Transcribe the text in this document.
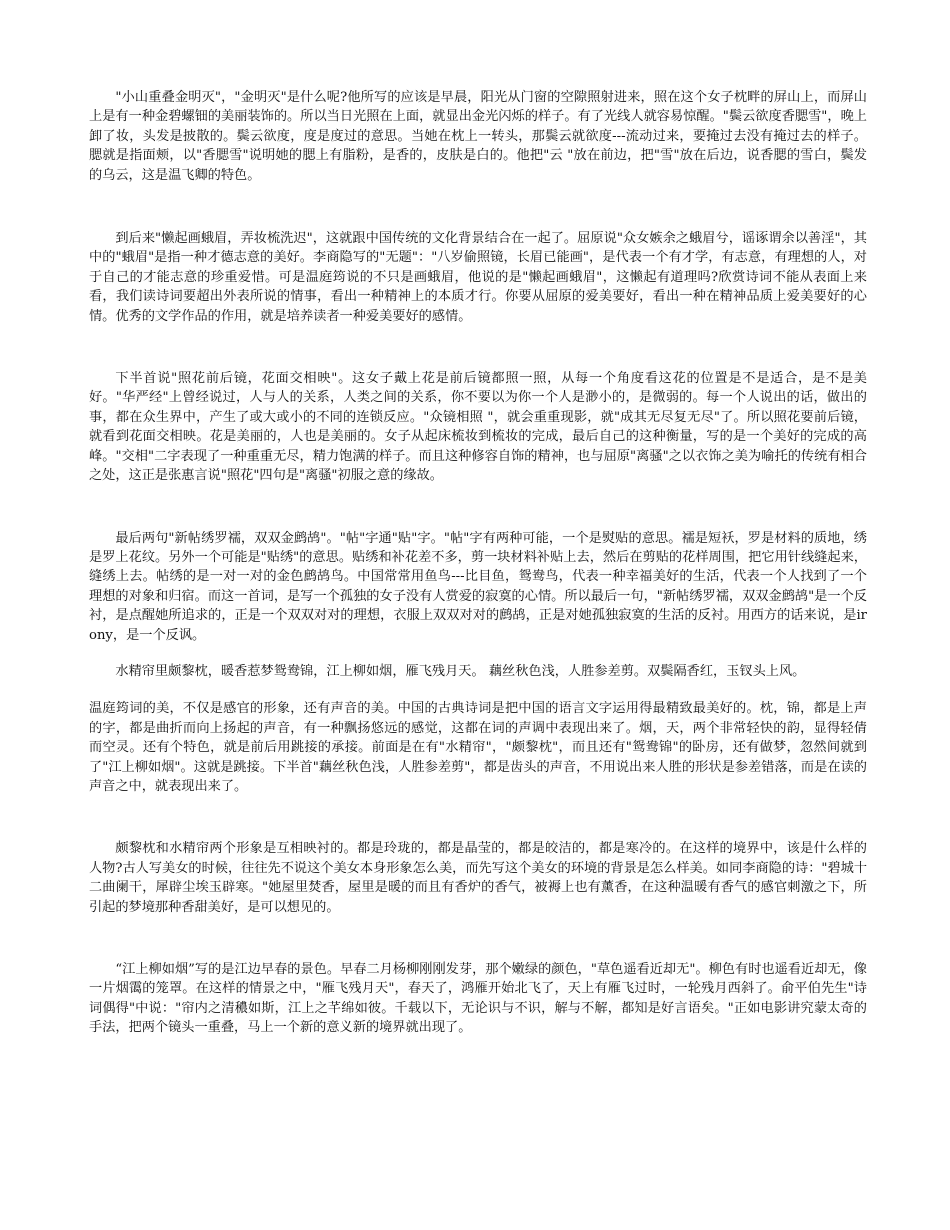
"小山重叠金明灭"，"金明灭"是什么呢?他所写的应该是早晨，阳光从门窗的空隙照射进来，照在这个女子枕畔的屏山上，而屏山上是有一种金碧螺钿的美丽装饰的。所以当日光照在上面，就显出金光闪烁的样子。有了光线人就容易惊醒。"鬓云欲度香腮雪"，晚上卸了妆，头发是披散的。鬓云欲度，度是度过的意思。当她在枕上一转头，那鬓云就欲度---流动过来，要掩过去没有掩过去的样子。腮就是指面颊，以"香腮雪"说明她的腮上有脂粉，是香的，皮肤是白的。他把"云 "放在前边，把"雪"放在后边，说香腮的雪白，鬓发的乌云，这是温飞卿的特色。

到后来"懒起画蛾眉，弄妆梳洗迟"，这就跟中国传统的文化背景结合在一起了。屈原说"众女嫉余之蛾眉兮，谣诼谓余以善淫"，其中的"蛾眉"是指一种才德志意的美好。李商隐写的"无题"："八岁偷照镜，长眉已能画"，是代表一个有才学，有志意，有理想的人，对于自己的才能志意的珍重爱惜。可是温庭筠说的不只是画蛾眉，他说的是"懒起画蛾眉"，这懒起有道理吗?欣赏诗词不能从表面上来看，我们读诗词要超出外表所说的情事，看出一种精神上的本质才行。你要从屈原的爱美要好，看出一种在精神品质上爱美要好的心情。优秀的文学作品的作用，就是培养读者一种爱美要好的感情。

下半首说"照花前后镜，花面交相映"。这女子戴上花是前后镜都照一照，从每一个角度看这花的位置是不是适合，是不是美好。"华严经"上曾经说过，人与人的关系，人类之间的关系，你不要以为你一个人是渺小的，是微弱的。每一个人说出的话，做出的事，都在众生界中，产生了或大或小的不同的连锁反应。"众镜相照 "，就会重重现影，就"成其无尽复无尽"了。所以照花要前后镜，就看到花面交相映。花是美丽的，人也是美丽的。女子从起床梳妆到梳妆的完成，最后自己的这种衡量，写的是一个美好的完成的高峰。"交相"二字表现了一种重重无尽，精力饱满的样子。而且这种修容自饰的精神，也与屈原"离骚"之以衣饰之美为喻托的传统有相合之处，这正是张惠言说"照花"四句是"离骚"初服之意的缘故。

最后两句"新帖绣罗襦，双双金鹧鸪"。"帖"字通"贴"字。"帖"字有两种可能，一个是熨贴的意思。襦是短袄，罗是材料的质地，绣是罗上花纹。另外一个可能是"贴绣"的意思。贴绣和补花差不多，剪一块材料补贴上去，然后在剪贴的花样周围，把它用针线缝起来，缝绣上去。帖绣的是一对一对的金色鹧鸪鸟。中国常常用鱼鸟---比目鱼，鸳鸯鸟，代表一种幸福美好的生活，代表一个人找到了一个理想的对象和归宿。而这一首词，是写一个孤独的女子没有人赏爱的寂寞的心情。所以最后一句，"新帖绣罗襦，双双金鹧鸪"是一个反衬，是点醒她所追求的，正是一个双双对对的理想，衣服上双双对对的鹧鸪，正是对她孤独寂寞的生活的反衬。用西方的话来说，是irony，是一个反讽。

水精帘里颇黎枕，暖香惹梦鸳鸯锦，江上柳如烟，雁飞残月天。 藕丝秋色浅，人胜参差剪。双鬓隔香红，玉钗头上风。

温庭筠词的美，不仅是感官的形象，还有声音的美。中国的古典诗词是把中国的语言文字运用得最精致最美好的。枕，锦，都是上声的字，都是曲折而向上扬起的声音，有一种飘扬悠远的感觉，这都在词的声调中表现出来了。烟，天，两个非常轻快的韵，显得轻倩而空灵。还有个特色，就是前后用跳接的承接。前面是在有"水精帘"，"颇黎枕"，而且还有"鸳鸯锦"的卧房，还有做梦，忽然间就到了"江上柳如烟"。这就是跳接。下半首"藕丝秋色浅，人胜参差剪"，都是齿头的声音，不用说出来人胜的形状是参差错落，而是在读的声音之中，就表现出来了。

颇黎枕和水精帘两个形象是互相映衬的。都是玲珑的，都是晶莹的，都是皎洁的，都是寒冷的。在这样的境界中，该是什么样的人物?古人写美女的时候，往往先不说这个美女本身形象怎么美，而先写这个美女的环境的背景是怎么样美。如同李商隐的诗："碧城十二曲阑干，犀辟尘埃玉辟寒。"她屋里焚香，屋里是暖的而且有香炉的香气，被褥上也有薰香，在这种温暖有香气的感官刺激之下，所引起的梦境那种香甜美好，是可以想见的。

“江上柳如烟”写的是江边早春的景色。早春二月杨柳刚刚发芽，那个嫩绿的颜色，"草色遥看近却无"。柳色有时也遥看近却无，像一片烟霭的笼罩。在这样的情景之中，"雁飞残月天"，春天了，鸿雁开始北飞了，天上有雁飞过时，一轮残月西斜了。俞平伯先生"诗词偶得"中说："帘内之清穠如斯，江上之芊绵如彼。千载以下，无论识与不识，解与不解，都知是好言语矣。"正如电影讲究蒙太奇的手法，把两个镜头一重叠，马上一个新的意义新的境界就出现了。
